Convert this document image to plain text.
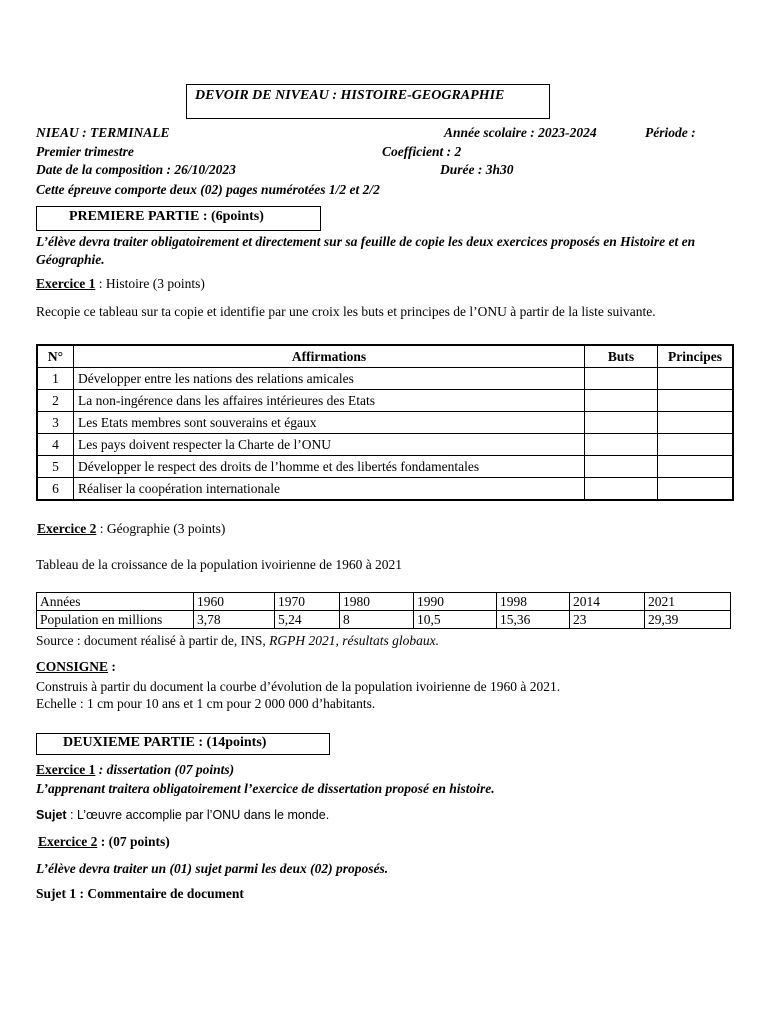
DEVOIR DE NIVEAU : HISTOIRE-GEOGRAPHIE
NIEAU : TERMINALE	Année scolaire : 2023-2024	Période :
Premier trimestre	Coefficient : 2
Date de la composition : 26/10/2023	Durée : 3h30
Cette épreuve comporte deux (02) pages numérotées 1/2 et 2/2
PREMIERE PARTIE : (6points)
L’élève devra traiter obligatoirement et directement sur sa feuille de copie les deux exercices proposés en Histoire et en Géographie.
Exercice 1 : Histoire (3 points)
Recopie ce tableau sur ta copie et identifie par une croix les buts et principes de l’ONU à partir de la liste suivante.
N°	Affirmations	Buts	Principes
1	Développer entre les nations des relations amicales		
2	La non-ingérence dans les affaires intérieures des Etats		
3	Les Etats membres sont souverains et égaux		
4	Les pays doivent respecter la Charte de l’ONU		
5	Développer le respect des droits de l’homme et des libertés fondamentales		
6	Réaliser la coopération internationale		
Exercice 2 : Géographie (3 points)
Tableau de la croissance de la population ivoirienne de 1960 à 2021
Années	1960	1970	1980	1990	1998	2014	2021
Population en millions	3,78	5,24	8	10,5	15,36	23	29,39
Source : document réalisé à partir de, INS, RGPH 2021, résultats globaux.
CONSIGNE :
Construis à partir du document la courbe d’évolution de la population ivoirienne de 1960 à 2021.
Echelle : 1 cm pour 10 ans et 1 cm pour 2 000 000 d’habitants.
DEUXIEME PARTIE : (14points)
Exercice 1 : dissertation (07 points)
L’apprenant traitera obligatoirement l’exercice de dissertation proposé en histoire.
Sujet : L’œuvre accomplie par l’ONU dans le monde.
Exercice 2 : (07 points)
L’élève devra traiter un (01) sujet parmi les deux (02) proposés.
Sujet 1 : Commentaire de document
